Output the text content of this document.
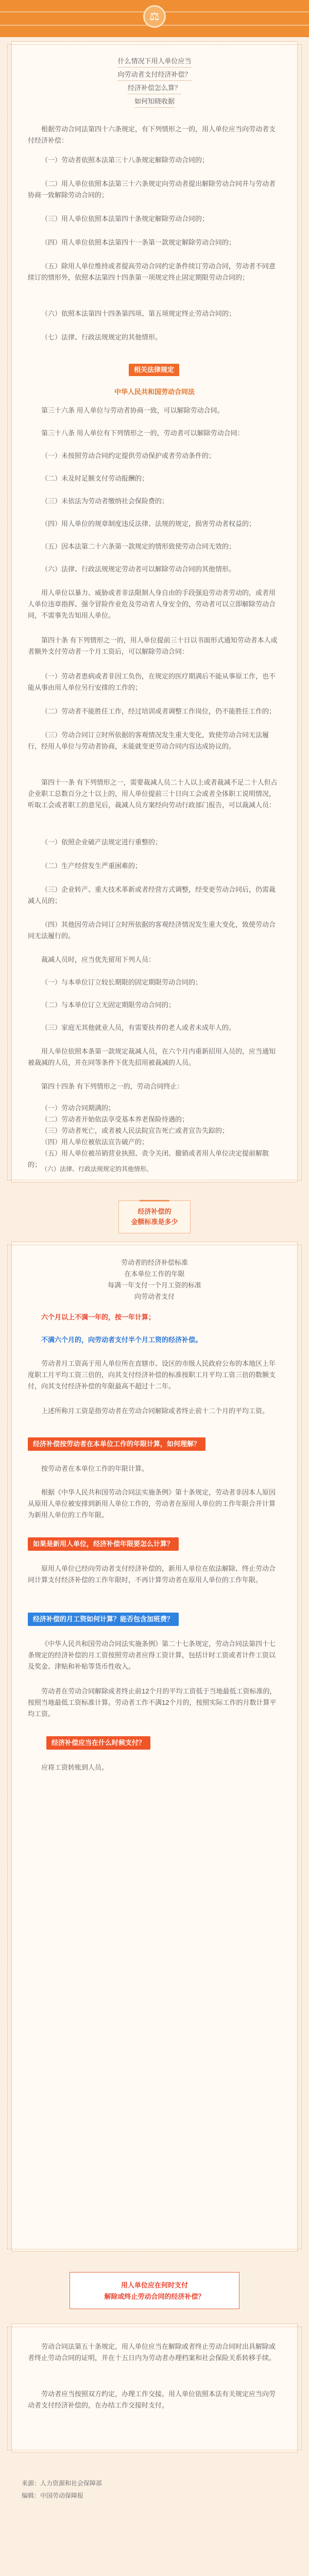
⚖
什么情况下用人单位应当
向劳动者支付经济补偿？
经济补偿怎么算？
如何知晓收据

根据劳动合同法第四十六条规定，有下列情形之一的，用人单位应当向劳动者支付经济补偿：

（一）劳动者依照本法第三十八条规定解除劳动合同的；

（二）用人单位依照本法第三十六条规定向劳动者提出解除劳动合同并与劳动者协商一致解除劳动合同的；

（三）用人单位依照本法第四十条规定解除劳动合同的；

（四）用人单位依照本法第四十一条第一款规定解除劳动合同的；

（五）除用人单位维持或者提高劳动合同约定条件续订劳动合同，劳动者不同意续订的情形外，依照本法第四十四条第一项规定终止固定期限劳动合同的；

（六）依照本法第四十四条第四项、第五项规定终止劳动合同的；

（七）法律、行政法规规定的其他情形。

相关法律规定
中华人民共和国劳动合同法

第三十六条 用人单位与劳动者协商一致，可以解除劳动合同。

第三十八条 用人单位有下列情形之一的，劳动者可以解除劳动合同：

（一）未按照劳动合同约定提供劳动保护或者劳动条件的；

（二）未及时足额支付劳动报酬的；

（三）未依法为劳动者缴纳社会保险费的；

（四）用人单位的规章制度违反法律、法规的规定，损害劳动者权益的；

（五）因本法第二十六条第一款规定的情形致使劳动合同无效的；

（六）法律、行政法规规定劳动者可以解除劳动合同的其他情形。

用人单位以暴力、威胁或者非法限制人身自由的手段强迫劳动者劳动的，或者用人单位违章指挥、强令冒险作业危及劳动者人身安全的，劳动者可以立即解除劳动合同，不需事先告知用人单位。

第四十条 有下列情形之一的，用人单位提前三十日以书面形式通知劳动者本人或者额外支付劳动者一个月工资后，可以解除劳动合同：

（一）劳动者患病或者非因工负伤，在规定的医疗期满后不能从事原工作，也不能从事由用人单位另行安排的工作的；

（二）劳动者不能胜任工作，经过培训或者调整工作岗位，仍不能胜任工作的；

（三）劳动合同订立时所依据的客观情况发生重大变化，致使劳动合同无法履行，经用人单位与劳动者协商，未能就变更劳动合同内容达成协议的。

第四十一条 有下列情形之一，需要裁减人员二十人以上或者裁减不足二十人但占企业职工总数百分之十以上的，用人单位提前三十日向工会或者全体职工说明情况，听取工会或者职工的意见后，裁减人员方案经向劳动行政部门报告，可以裁减人员：

（一）依照企业破产法规定进行重整的；

（二）生产经营发生严重困难的；

（三）企业转产、重大技术革新或者经营方式调整，经变更劳动合同后，仍需裁减人员的；

（四）其他因劳动合同订立时所依据的客观经济情况发生重大变化，致使劳动合同无法履行的。

裁减人员时，应当优先留用下列人员：

（一）与本单位订立较长期限的固定期限劳动合同的；

（二）与本单位订立无固定期限劳动合同的；

（三）家庭无其他就业人员，有需要扶养的老人或者未成年人的。

用人单位依照本条第一款规定裁减人员，在六个月内重新招用人员的，应当通知被裁减的人员，并在同等条件下优先招用被裁减的人员。

第四十四条 有下列情形之一的，劳动合同终止：

（一）劳动合同期满的；

（二）劳动者开始依法享受基本养老保险待遇的；

（三）劳动者死亡，或者被人民法院宣告死亡或者宣告失踪的；

（四）用人单位被依法宣告破产的；

（五）用人单位被吊销营业执照、责令关闭、撤销或者用人单位决定提前解散的；

（六）法律、行政法规规定的其他情形。

经济补偿的
金额标准是多少
劳动者的经济补偿标准
在本单位工作的年限
每满一年支付一个月工资的标准
向劳动者支付

六个月以上不满一年的，按一年计算；

不满六个月的，向劳动者支付半个月工资的经济补偿。

劳动者月工资高于用人单位所在直辖市、设区的市级人民政府公布的本地区上年度职工月平均工资三倍的，向其支付经济补偿的标准按职工月平均工资三倍的数额支付，向其支付经济补偿的年限最高不超过十二年。

上述所称月工资是指劳动者在劳动合同解除或者终止前十二个月的平均工资。

经济补偿按劳动者在本单位工作的年限计算，如何理解？

按劳动者在本单位工作的年限计算。

根据《中华人民共和国劳动合同法实施条例》第十条规定，劳动者非因本人原因从原用人单位被安排到新用人单位工作的，劳动者在原用人单位的工作年限合并计算为新用人单位的工作年限。

如果是新用人单位，经济补偿年限要怎么计算？

原用人单位已经向劳动者支付经济补偿的，新用人单位在依法解除、终止劳动合同计算支付经济补偿的工作年限时，不再计算劳动者在原用人单位的工作年限。

经济补偿的月工资如何计算？能否包含加班费？

《中华人民共和国劳动合同法实施条例》第二十七条规定，劳动合同法第四十七条规定的经济补偿的月工资按照劳动者应得工资计算，包括计时工资或者计件工资以及奖金、津贴和补贴等货币性收入。

劳动者在劳动合同解除或者终止前12个月的平均工资低于当地最低工资标准的，按照当地最低工资标准计算。劳动者工作不满12个月的，按照实际工作的月数计算平均工资。

经济补偿应当在什么时候支付？

应将工资转账到人员。

用人单位应在何时支付
解除或终止劳动合同的经济补偿？

劳动合同法第五十条规定，用人单位应当在解除或者终止劳动合同时出具解除或者终止劳动合同的证明，并在十五日内为劳动者办理档案和社会保险关系转移手续。

劳动者应当按照双方约定，办理工作交接。用人单位依照本法有关规定应当向劳动者支付经济补偿的，在办结工作交接时支付。

来源：人力资源和社会保障部
编辑：中国劳动保障报
